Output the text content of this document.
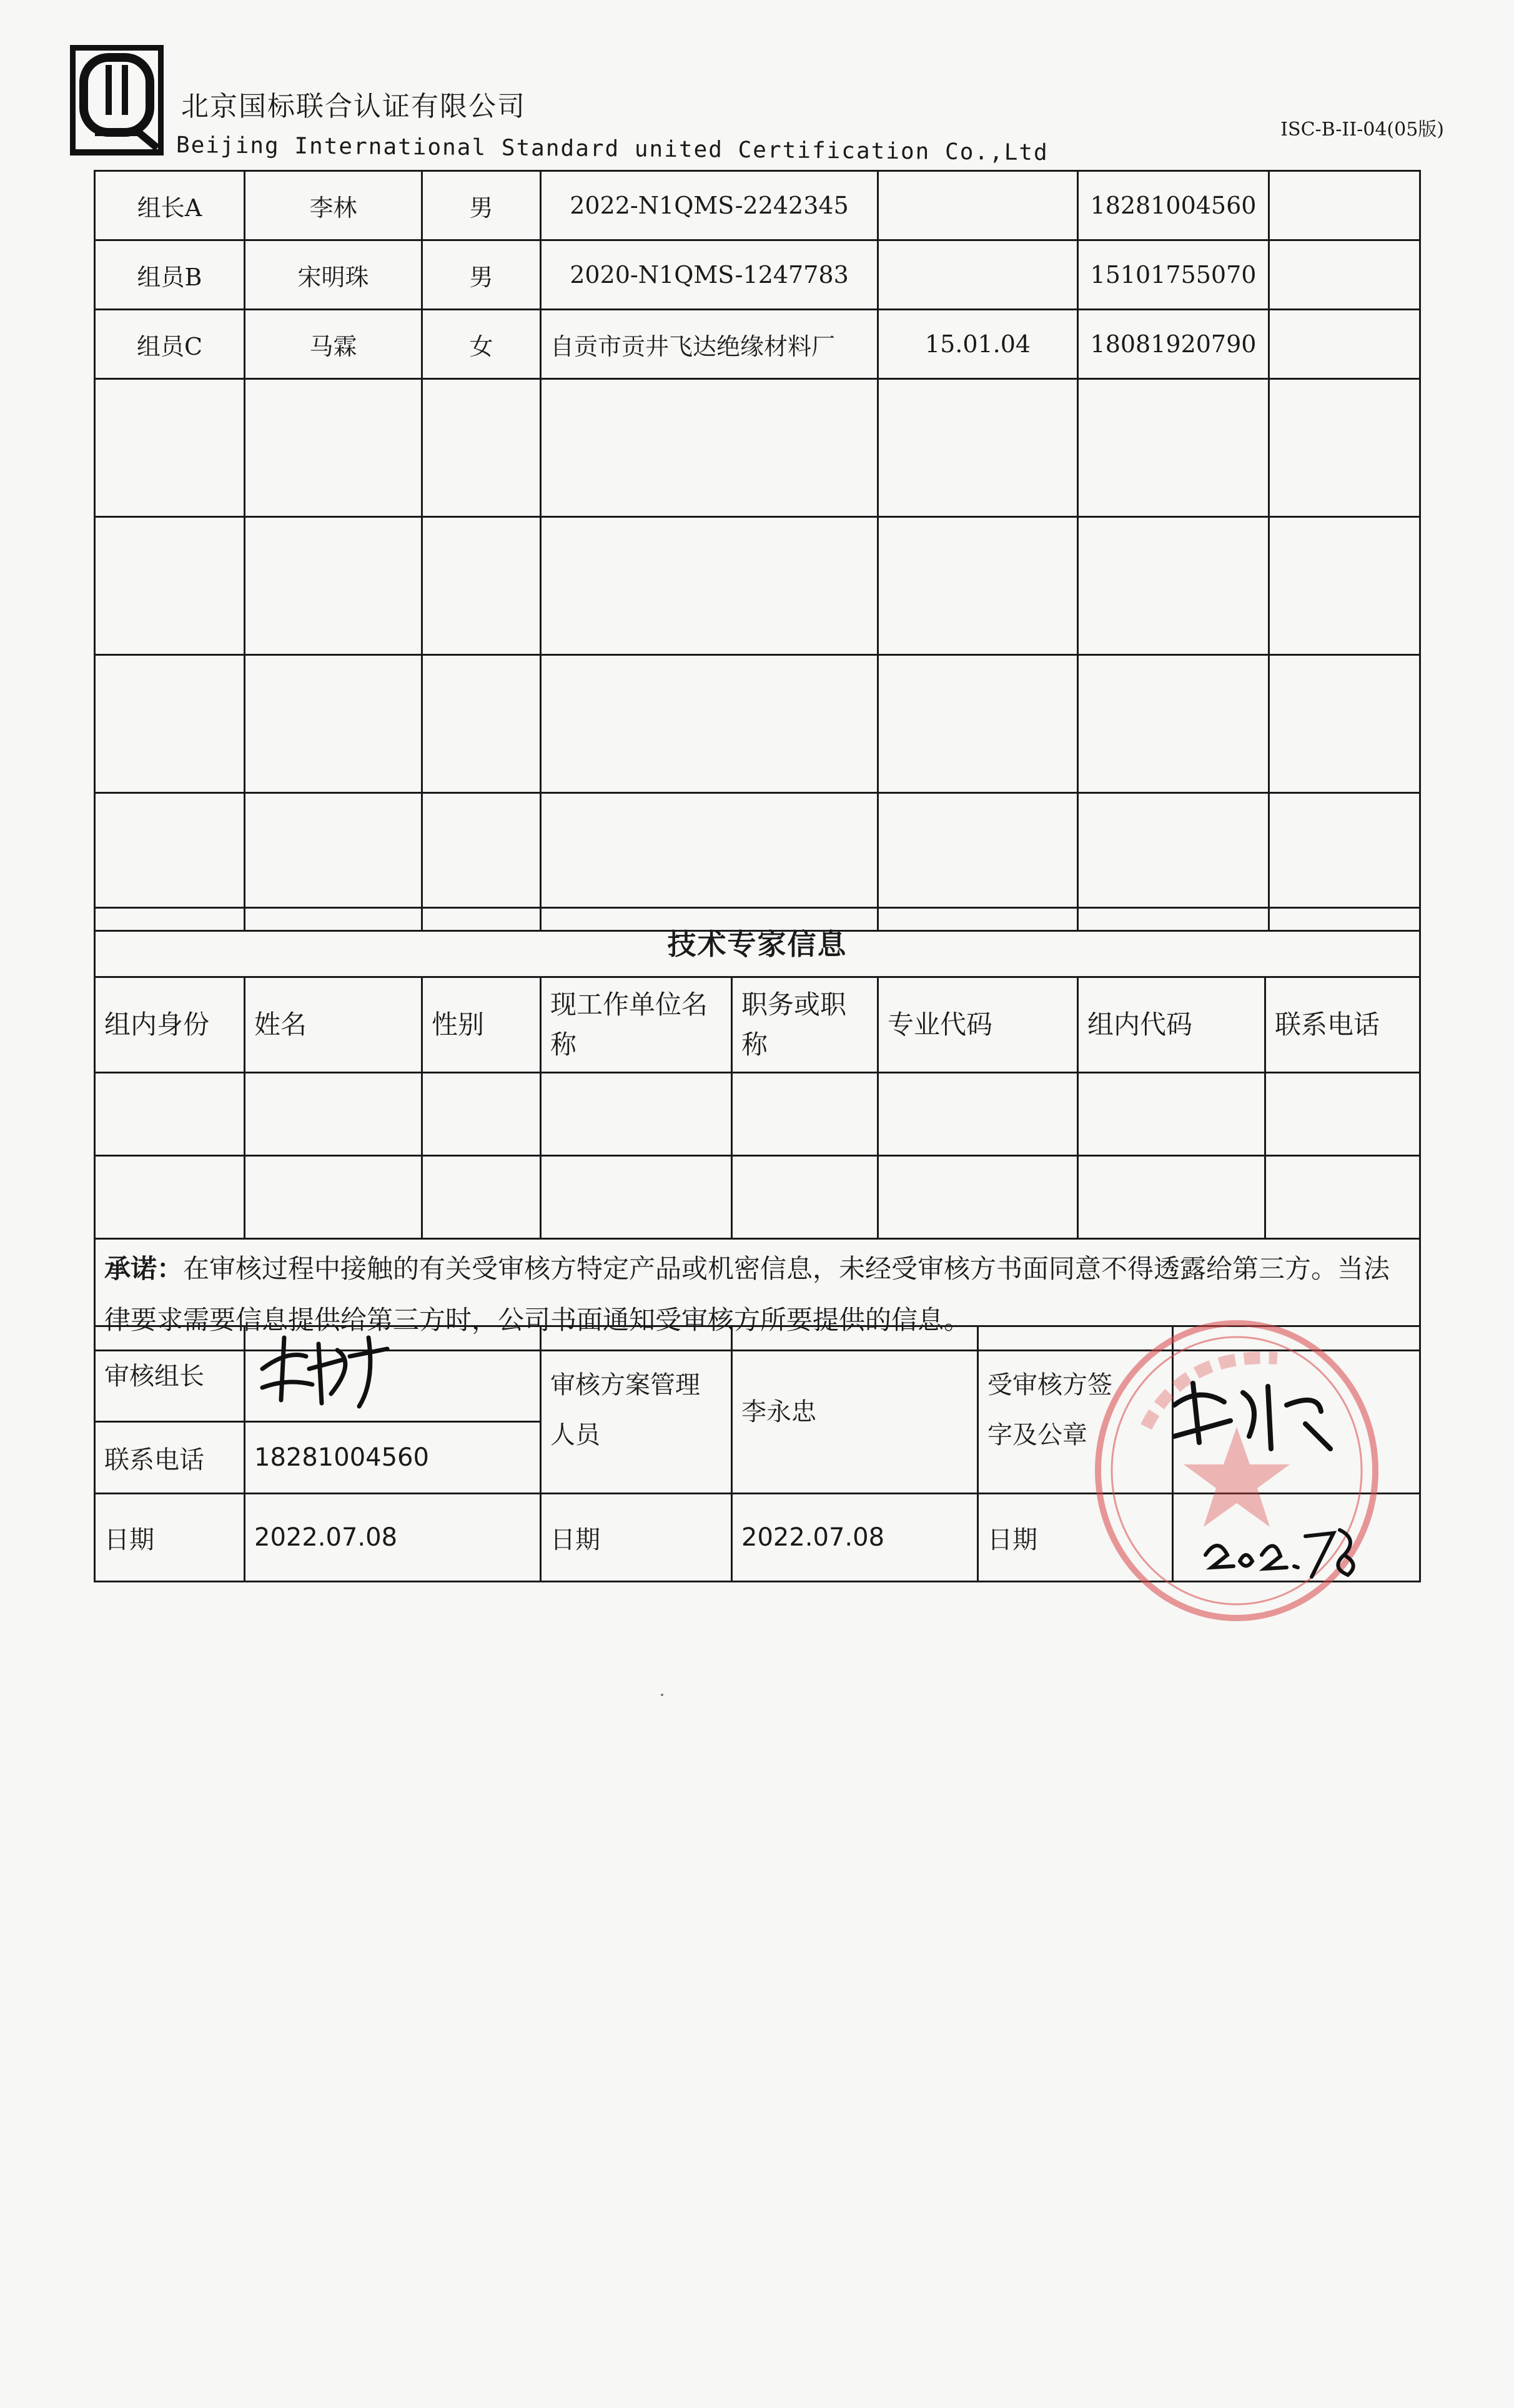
北京国标联合认证有限公司
Beijing International Standard united Certification Co.,Ltd
ISC-B-II-04(05版)
组长A	李林	男	2022-N1QMS-2242345		18281004560	
组员B	宋明珠	男	2020-N1QMS-1247783		15101755070	
组员C	马霖	女	自贡市贡井飞达绝缘材料厂	15.01.04	18081920790	

技术专家信息							
组内身份	姓名	性别	现工作单位名称	职务或职称	专业代码	组内代码	联系电话

承诺：在审核过程中接触的有关受审核方特定产品或机密信息，未经受审核方书面同意不得透露给第三方。当法律要求需要信息提供给第三方时，公司书面通知受审核方所要提供的信息。							
审核组长		审核方案管理人员	李永忠	受审核方签字及公章	

联系电话	18281004560				
日期	2022.07.08	日期	2022.07.08	日期	
